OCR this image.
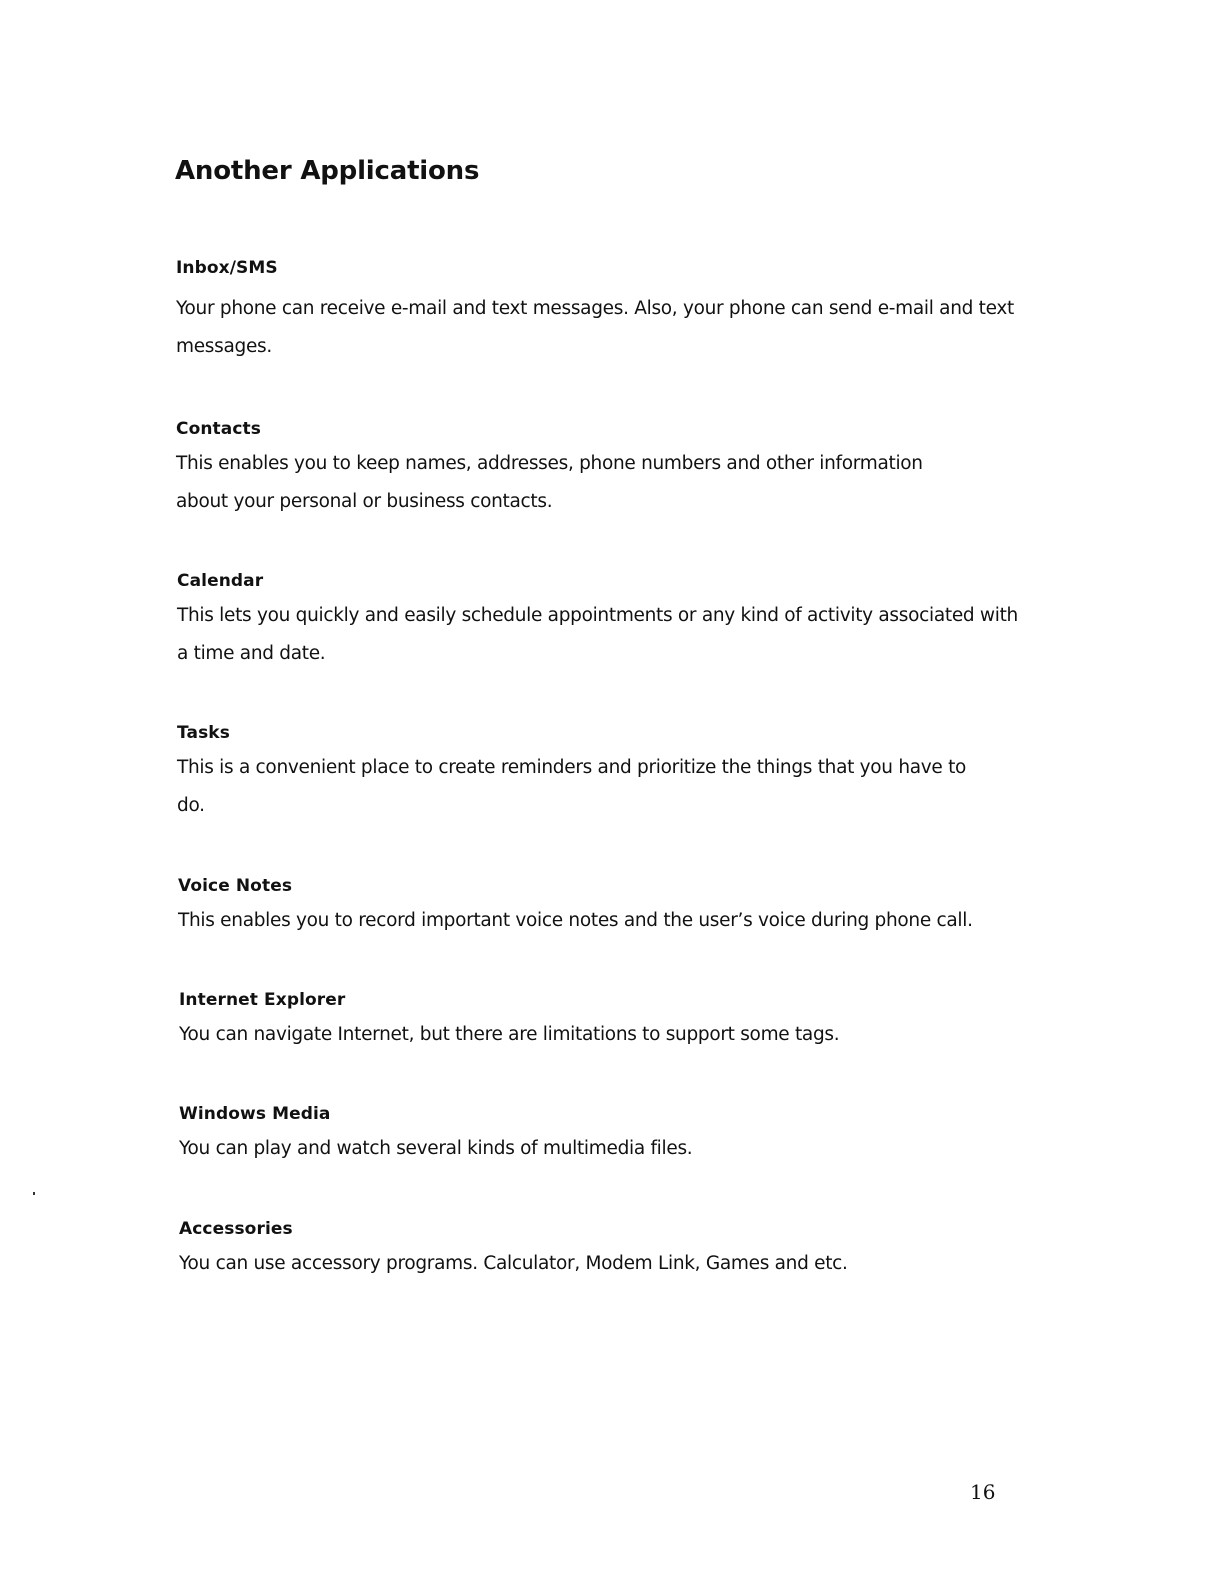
Another Applications
Inbox/SMS

Your phone can receive e-mail and text messages. Also, your phone can send e-mail and text messages.

Contacts

This enables you to keep names, addresses, phone numbers and other information about your personal or business contacts.

Calendar

This lets you quickly and easily schedule appointments or any kind of activity associated with a time and date.

Tasks

This is a convenient place to create reminders and prioritize the things that you have to do.

Voice Notes

This enables you to record important voice notes and the user’s voice during phone call.

Internet Explorer

You can navigate Internet, but there are limitations to support some tags.

Windows Media

You can play and watch several kinds of multimedia files.

Accessories

You can use accessory programs. Calculator, Modem Link, Games and etc.

16
